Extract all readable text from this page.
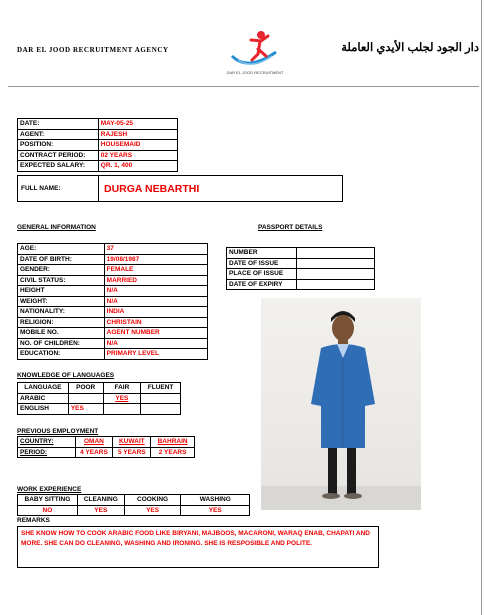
DAR EL JOOD RECRUITMENT AGENCY
DAR EL JOOD RECRUITMENT
دار الجود لجلب الأيدي العاملة
DATE:	MAY-05-25
AGENT:	RAJESH
POSITION:	HOUSEMAID
CONTRACT PERIOD:	02 YEARS
EXPECTED SALARY:	QR. 1, 400
FULL NAME:	DURGA NEBARTHI
GENERAL INFORMATION
AGE:	37
DATE OF BIRTH:	19/08/1987
GENDER:	FEMALE
CIVIL STATUS:	MARRIED
HEIGHT	N/A
WEIGHT:	N/A
NATIONALITY:	INDIA
RELIGION:	CHRISTAIN
MOBILE NO.	AGENT NUMBER
NO. OF CHILDREN:	N/A
EDUCATION:	PRIMARY LEVEL
PASSPORT DETAILS
NUMBER	
DATE OF ISSUE	
PLACE OF ISSUE	
DATE OF EXPIRY	
KNOWLEDGE OF LANGUAGES
LANGUAGE	POOR	FAIR	FLUENT
ARABIC		YES	
ENGLISH	YES		
PREVIOUS EMPLOYMENT
COUNTRY:	OMAN	KUWAIT	BAHRAIN
PERIOD:	4 YEARS	5 YEARS	2 YEARS
WORK EXPERIENCE
BABY SITTING	CLEANING	COOKING	WASHING
NO	YES	YES	YES
REMARKS
SHE KNOW HOW TO COOK ARABIC FOOD LIKE BIRYANI, MAJBOOS, MACARONI, WARAQ ENAB, CHAPATI AND MORE. SHE CAN DO CLEANING, WASHING AND IRONING. SHE IS RESPOSIBLE AND POLITE.
